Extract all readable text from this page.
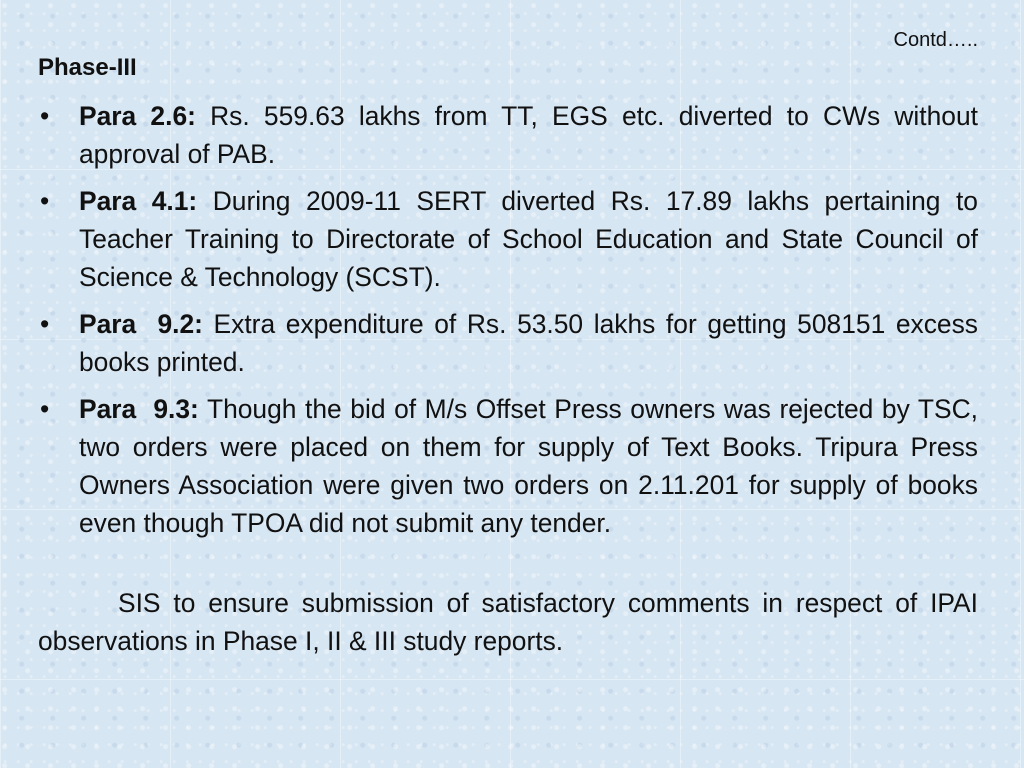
Contd…..
Phase-III
• Para 2.6: Rs. 559.63 lakhs from TT, EGS etc. diverted to CWs without approval of PAB.
• Para 4.1: During 2009-11 SERT diverted Rs. 17.89 lakhs pertaining to Teacher Training to Directorate of School Education and State Council of Science & Technology (SCST).
• Para  9.2: Extra expenditure of Rs. 53.50 lakhs for getting 508151 excess books printed.
• Para  9.3: Though the bid of M/s Offset Press owners was rejected by TSC, two orders were placed on them for supply of Text Books. Tripura Press Owners Association were given two orders on 2.11.201 for supply of books even though TPOA did not submit any tender.
SIS to ensure submission of satisfactory comments in respect of IPAI observations in Phase I, II & III study reports.
